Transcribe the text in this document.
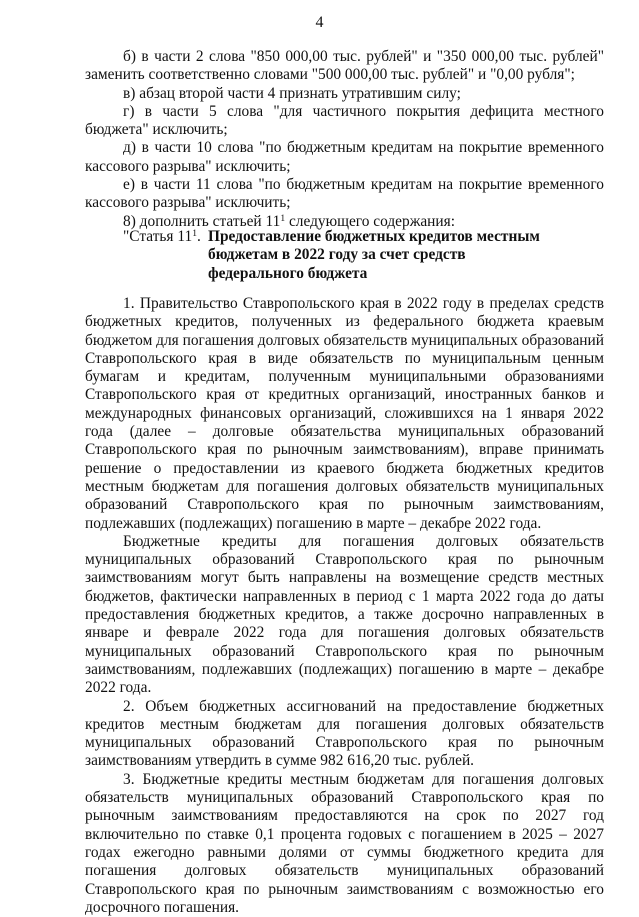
4

б) в части 2 слова "850 000,00 тыс. рублей" и "350 000,00 тыс. рублей" заменить соответственно словами "500 000,00 тыс. рублей" и "0,00 рубля";

в) абзац второй части 4 признать утратившим силу;

г) в части 5 слова "для частичного покрытия дефицита местного бюджета" исключить;

д) в части 10 слова "по бюджетным кредитам на покрытие временного кассового разрыва" исключить;

е) в части 11 слова "по бюджетным кредитам на покрытие временного кассового разрыва" исключить;

8) дополнить статьей $11^1$ следующего содержания:

"Статья $11^1$. Предоставление бюджетных кредитов местным бюджетам в 2022 году за счет средств федерального бюджета

1. Правительство Ставропольского края в 2022 году в пределах средств бюджетных кредитов, полученных из федерального бюджета краевым бюджетом для погашения долговых обязательств муниципальных образований Ставропольского края в виде обязательств по муниципальным ценным бумагам и кредитам, полученным муниципальными образованиями Ставропольского края от кредитных организаций, иностранных банков и международных финансовых организаций, сложившихся на 1 января 2022 года (далее – долговые обязательства муниципальных образований Ставропольского края по рыночным заимствованиям), вправе принимать решение о предоставлении из краевого бюджета бюджетных кредитов местным бюджетам для погашения долговых обязательств муниципальных образований Ставропольского края по рыночным заимствованиям, подлежавших (подлежащих) погашению в марте – декабре 2022 года.

Бюджетные кредиты для погашения долговых обязательств муниципальных образований Ставропольского края по рыночным заимствованиям могут быть направлены на возмещение средств местных бюджетов, фактически направленных в период с 1 марта 2022 года до даты предоставления бюджетных кредитов, а также досрочно направленных в январе и феврале 2022 года для погашения долговых обязательств муниципальных образований Ставропольского края по рыночным заимствованиям, подлежавших (подлежащих) погашению в марте – декабре 2022 года.

2. Объем бюджетных ассигнований на предоставление бюджетных кредитов местным бюджетам для погашения долговых обязательств муниципальных образований Ставропольского края по рыночным заимствованиям утвердить в сумме 982 616,20 тыс. рублей.

3. Бюджетные кредиты местным бюджетам для погашения долговых обязательств муниципальных образований Ставропольского края по рыночным заимствованиям предоставляются на срок по 2027 год включительно по ставке 0,1 процента годовых с погашением в 2025 – 2027 годах ежегодно равными долями от суммы бюджетного кредита для погашения долговых обязательств муниципальных образований Ставропольского края по рыночным заимствованиям с возможностью его досрочного погашения.
